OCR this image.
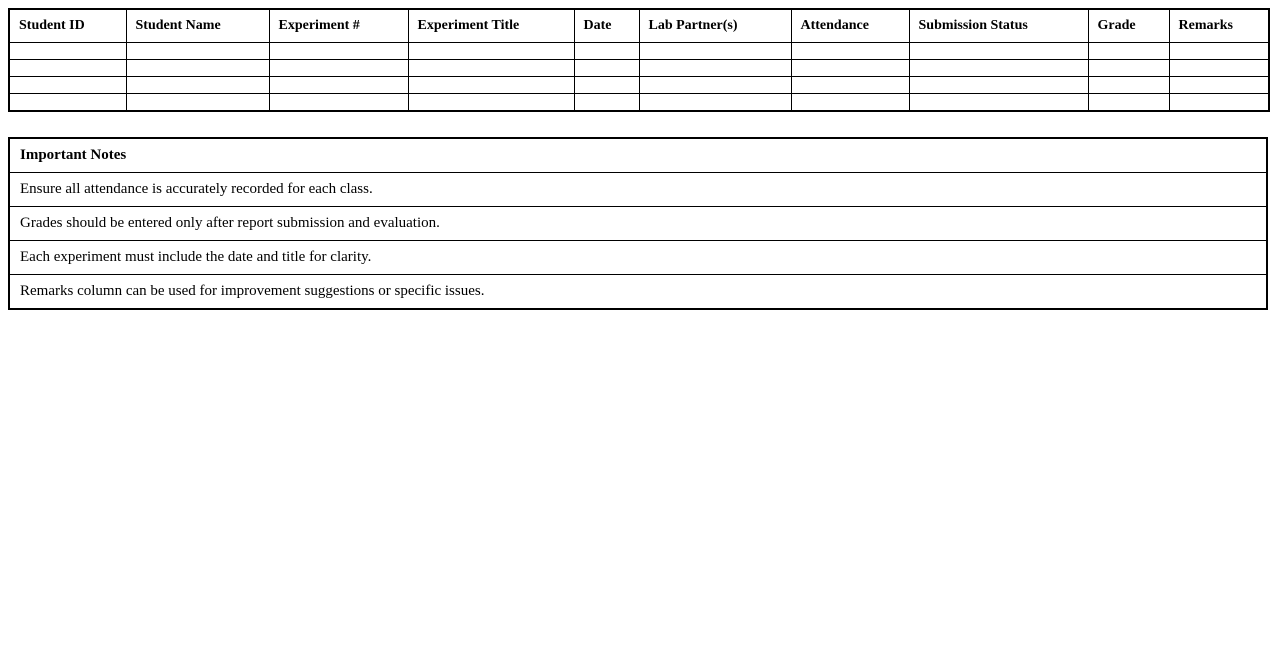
Student ID	Student Name	Experiment #	Experiment Title	Date	Lab Partner(s)	Attendance	Submission Status	Grade	Remarks

Important Notes
Ensure all attendance is accurately recorded for each class.
Grades should be entered only after report submission and evaluation.
Each experiment must include the date and title for clarity.
Remarks column can be used for improvement suggestions or specific issues.
